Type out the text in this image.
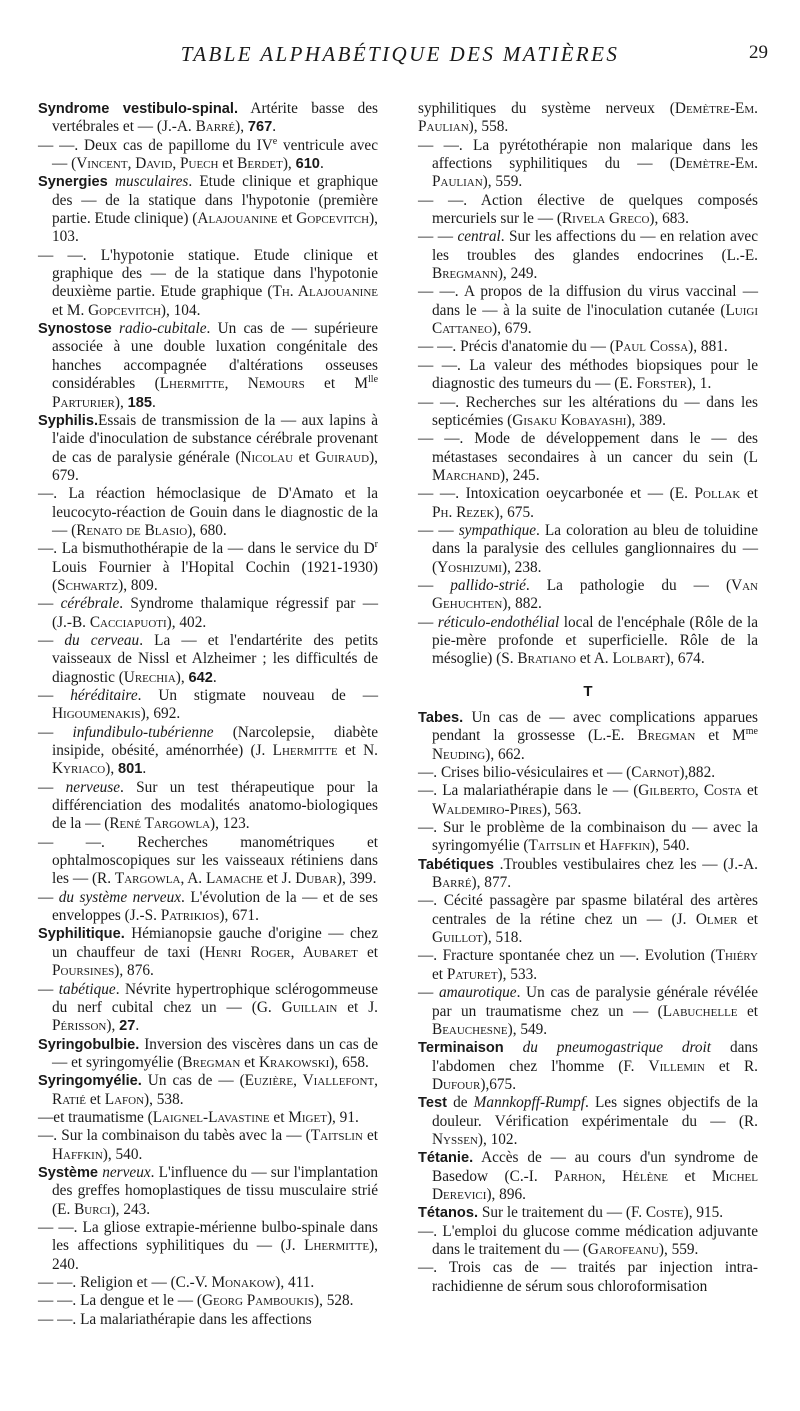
TABLE ALPHABÉTIQUE DES MATIÈRES	29
Syndrome vestibulo-spinal. Artérite basse des vertébrales et — (J.-A. Barré), 767.
— —. Deux cas de papillome du IVe ventricule avec — (Vincent, David, Puech et Berdet), 610.
Synergies musculaires. Etude clinique et graphique des — de la statique dans l'hypotonie (première partie. Etude clinique) (Alajouanine et Gopcevitch), 103.
— —. L'hypotonie statique. Etude clinique et graphique des — de la statique dans l'hypotonie deuxième partie. Etude graphique (Th. Alajouanine et M. Gopcevitch), 104.
Synostose radio-cubitale. Un cas de — supérieure associée à une double luxation congénitale des hanches accompagnée d'altérations osseuses considérables (Lhermitte, Nemours et $M^{lle}$ Parturier), 185.
Syphilis.Essais de transmission de la — aux lapins à l'aide d'inoculation de substance cérébrale provenant de cas de paralysie générale (Nicolau et Guiraud), 679.
—. La réaction hémoclasique de D'Amato et la leucocyto-réaction de Gouin dans le diagnostic de la — (Renato de Blasio), 680.
—. La bismuthothérapie de la — dans le service du $D^r$ Louis Fournier à l'Hopital Cochin (1921-1930) (Schwartz), 809.
— cérébrale. Syndrome thalamique régressif par — (J.-B. Cacciapuoti), 402.
— du cerveau. La — et l'endartérite des petits vaisseaux de Nissl et Alzheimer ; les difficultés de diagnostic (Urechia), 642.
— héréditaire. Un stigmate nouveau de — Higoumenakis), 692.
— infundibulo-tubérienne (Narcolepsie, diabète insipide, obésité, aménorrhée) (J. Lhermitte et N. Kyriaco), 801.
— nerveuse. Sur un test thérapeutique pour la différenciation des modalités anatomo-biologiques de la — (René Targowla), 123.
— —. Recherches manométriques et ophtalmoscopiques sur les vaisseaux rétiniens dans les — (R. Targowla, A. Lamache et J. Dubar), 399.
— du système nerveux. L'évolution de la — et de ses enveloppes (J.-S. Patrikios), 671.
Syphilitique. Hémianopsie gauche d'origine — chez un chauffeur de taxi (Henri Roger, Aubaret et Poursines), 876.
— tabétique. Névrite hypertrophique sclérogommeuse du nerf cubital chez un — (G. Guillain et J. Périsson), 27.
Syringobulbie. Inversion des viscères dans un cas de — et syringomyélie (Bregman et Krakowski), 658.
Syringomyélie. Un cas de — (Euzière, Viallefont, Ratié et Lafon), 538.
—et traumatisme (Laignel-Lavastine et Miget), 91.
—. Sur la combinaison du tabès avec la — (Taitslin et Haffkin), 540.
Système nerveux. L'influence du — sur l'implantation des greffes homoplastiques de tissu musculaire strié (E. Burci), 243.
— —. La gliose extrapie-mérienne bulbo-spinale dans les affections syphilitiques du — (J. Lhermitte), 240.
— —. Religion et — (C.-V. Monakow), 411.
— —. La dengue et le — (Georg Pamboukis), 528.
— —. La malariathérapie dans les affections
syphilitiques du système nerveux (Demètre-Em. Paulian), 558.
— —. La pyrétothérapie non malarique dans les affections syphilitiques du — (Demètre-Em. Paulian), 559.
— —. Action élective de quelques composés mercuriels sur le — (Rivela Greco), 683.
— — central. Sur les affections du — en relation avec les troubles des glandes endocrines (L.-E. Bregmann), 249.
— —. A propos de la diffusion du virus vaccinal — dans le — à la suite de l'inoculation cutanée (Luigi Cattaneo), 679.
— —. Précis d'anatomie du — (Paul Cossa), 881.
— —. La valeur des méthodes biopsiques pour le diagnostic des tumeurs du — (E. Forster), 1.
— —. Recherches sur les altérations du — dans les septicémies (Gisaku Kobayashi), 389.
— —. Mode de développement dans le — des métastases secondaires à un cancer du sein (L Marchand), 245.
— —. Intoxication oeycarbonée et — (E. Pollak et Ph. Rezek), 675.
— — sympathique. La coloration au bleu de toluidine dans la paralysie des cellules ganglionnaires du — (Yoshizumi), 238.
— pallido-strié. La pathologie du — (Van Gehuchten), 882.
— réticulo-endothélial local de l'encéphale (Rôle de la pie-mère profonde et superficielle. Rôle de la mésoglie) (S. Bratiano et A. Lolbart), 674.
T
Tabes. Un cas de — avec complications apparues pendant la grossesse (L.-E. Bregman et $M^{me}$ Neuding), 662.
—. Crises bilio-vésiculaires et — (Carnot),882.
—. La malariathérapie dans le — (Gilberto, Costa et Waldemiro-Pires), 563.
—. Sur le problème de la combinaison du — avec la syringomyélie (Taitslin et Haffkin), 540.
Tabétiques .Troubles vestibulaires chez les — (J.-A. Barré), 877.
—. Cécité passagère par spasme bilatéral des artères centrales de la rétine chez un — (J. Olmer et Guillot), 518.
—. Fracture spontanée chez un —. Evolution (Thiéry et Paturet), 533.
— amaurotique. Un cas de paralysie générale révélée par un traumatisme chez un — (Labuchelle et Beauchesne), 549.
Terminaison du pneumogastrique droit dans l'abdomen chez l'homme (F. Villemin et R. Dufour),675.
Test de Mannkopff-Rumpf. Les signes objectifs de la douleur. Vérification expérimentale du — (R. Nyssen), 102.
Tétanie. Accès de — au cours d'un syndrome de Basedow (C.-I. Parhon, Hélène et Michel Derevici), 896.
Tétanos. Sur le traitement du — (F. Coste), 915.
—. L'emploi du glucose comme médication adjuvante dans le traitement du — (Garofeanu), 559.
—. Trois cas de — traités par injection intra-rachidienne de sérum sous chloroformisation
